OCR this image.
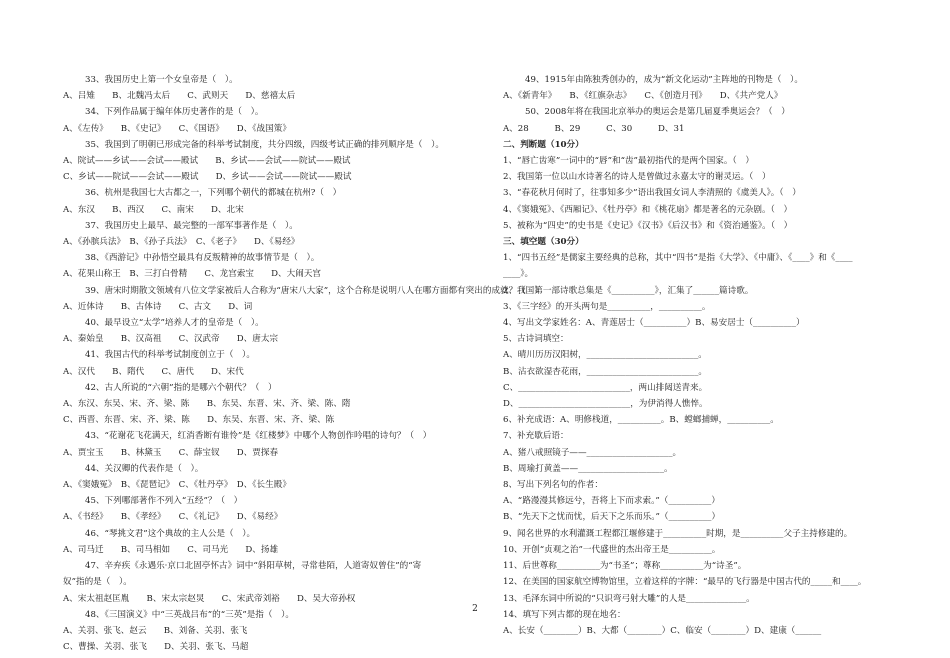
33、我国历史上第一个女皇帝是（　）。
A、吕雉　　B、北魏冯太后　　C、武则天　　D、慈禧太后
34、下列作品属于编年体历史著作的是（　）。
A、《左传》　　B、《史记》　　C、《国语》　　D、《战国策》
35、我国到了明朝已形成完备的科举考试制度，共分四级，四级考试正确的排列顺序是（　）。
A、院试——乡试——会试——殿试　　B、乡试——会试——院试——殿试
C、乡试——院试——会试——殿试　　D、乡试——会试——院试——殿试
36、杭州是我国七大古都之一，下列哪个朝代的都城在杭州?（　）
A、东汉　　B、西汉　　C、南宋　　D、北宋
37、我国历史上最早、最完整的一部军事著作是（　）。
A、《孙膑兵法》　B、《孙子兵法》　C、《老子》　　D、《易经》
38、《西游记》中孙悟空最具有反叛精神的故事情节是（　）。
A、花果山称王　B、三打白骨精　　C、龙宫索宝　　D、大闹天宫
39、唐宋时期散文领域有八位文学家被后人合称为“唐宋八大家”，这个合称是说明八人在哪方面都有突出的成就？（　）
A、近体诗　　B、古体诗　　C、古文　　D、词
40、最早设立“太学”培养人才的皇帝是（　）。
A、秦始皇　　B、汉高祖　　C、汉武帝　　D、唐太宗
41、我国古代的科举考试制度创立于（　）。
A、汉代　　B、隋代　　C、唐代　　D、宋代
42、古人所说的“六朝”指的是哪六个朝代？（　）
A、东汉、东吴、宋、齐、梁、陈　　B、东吴、东晋、宋、齐、梁、陈、隋
C、西晋、东晋、宋、齐、梁、陈　　D、东吴、东晋、宋、齐、梁、陈
43、“花谢花飞花满天，红消香断有谁怜”是《红楼梦》中哪个人物创作吟唱的诗句？（　）
A、贾宝玉　　B、林黛玉　　C、薛宝钗　　D、贾探春
44、关汉卿的代表作是（　）。
A、《窦娥冤》　B、《琵琶记》　C、《牡丹亭》　D、《长生殿》
45、下列哪部著作不列入“五经”？（　）
A、《书经》　　B、《孝经》　　C、《礼记》　　D、《易经》
46、“琴挑文君”这个典故的主人公是（　）。
A、司马迁　　B、司马相如　　C、司马光　　D、扬雄
47、辛弃疾《永遇乐·京口北固亭怀古》词中“斜阳草树，寻常巷陌，人道寄奴曾住”的“寄
奴”指的是（　）。
A、宋太祖赵匡胤　　B、宋太宗赵炅　　C、宋武帝刘裕　　D、吴大帝孙权
48、《三国演义》中“三英战吕布”的“三英”是指（　）。
A、关羽、张飞、赵云　　B、刘备、关羽、张飞
C、曹操、关羽、张飞　　D、关羽、张飞、马超
49、1915年由陈独秀创办的，成为“新文化运动”主阵地的刊物是（　）。
A、《新青年》　　B、《红旗杂志》　　C、《创造月刊》　　D、《共产党人》
50、2008年将在我国北京举办的奥运会是第几届夏季奥运会？（　）
A、28　　　B、29　　　C、30　　　D、31
二、判断题（10分）
1、“唇亡齿寒”一词中的“唇”和“齿”最初指代的是两个国家。（　）
2、我国第一位以山水诗著名的诗人是曾做过永嘉太守的谢灵运。（　）
3、“春花秋月何时了，往事知多少”语出我国女词人李清照的《虞美人》。（　）
4、《窦娥冤》、《西厢记》、《牡丹亭》和《桃花扇》都是著名的元杂剧。（　）
5、被称为“四史”的史书是《史记》《汉书》《后汉书》和《资治通鉴》。（　）
三、填空题（30分）
1、“四书五经”是儒家主要经典的总称，其中“四书”是指《大学》、《中庸》、《____》和《____
____》。
2、我国第一部诗歌总集是《__________》，汇集了______篇诗歌。
3、《三字经》的开头两句是__________，__________。
4、写出文学家姓名：A、青莲居士（__________）B、易安居士（__________）
5、古诗词填空：
A、晴川历历汉阳树，__________________________。
B、沾衣欲湿杏花雨，__________________________。
C、__________________________，两山排闼送青来。
D、__________________________，为伊消得人憔悴。
6、补充成语：A、明修栈道，__________。B、螳螂捕蝉，__________。
7、补充歇后语：
A、猪八戒照镜子——____________________。
B、周瑜打黄盖——____________________。
8、写出下列名句的作者：
A、“路漫漫其修远兮，吾将上下而求索。”（__________）
B、“先天下之忧而忧，后天下之乐而乐。”（__________）
9、闻名世界的水利灌溉工程都江堰修建于__________时期，是__________父子主持修建的。
10、开创“贞观之治”一代盛世的杰出帝王是__________。
11、后世尊称__________为“书圣”；尊称__________为“诗圣”。
12、在美国的国家航空博物馆里，立着这样的字牌：“最早的飞行器是中国古代的_____和____。
13、毛泽东词中所说的“只识弯弓射大雕”的人是______________。
14、填写下列古都的现在地名：
A、长安（________）B、大都（________）C、临安（________）D、建康（______
2
